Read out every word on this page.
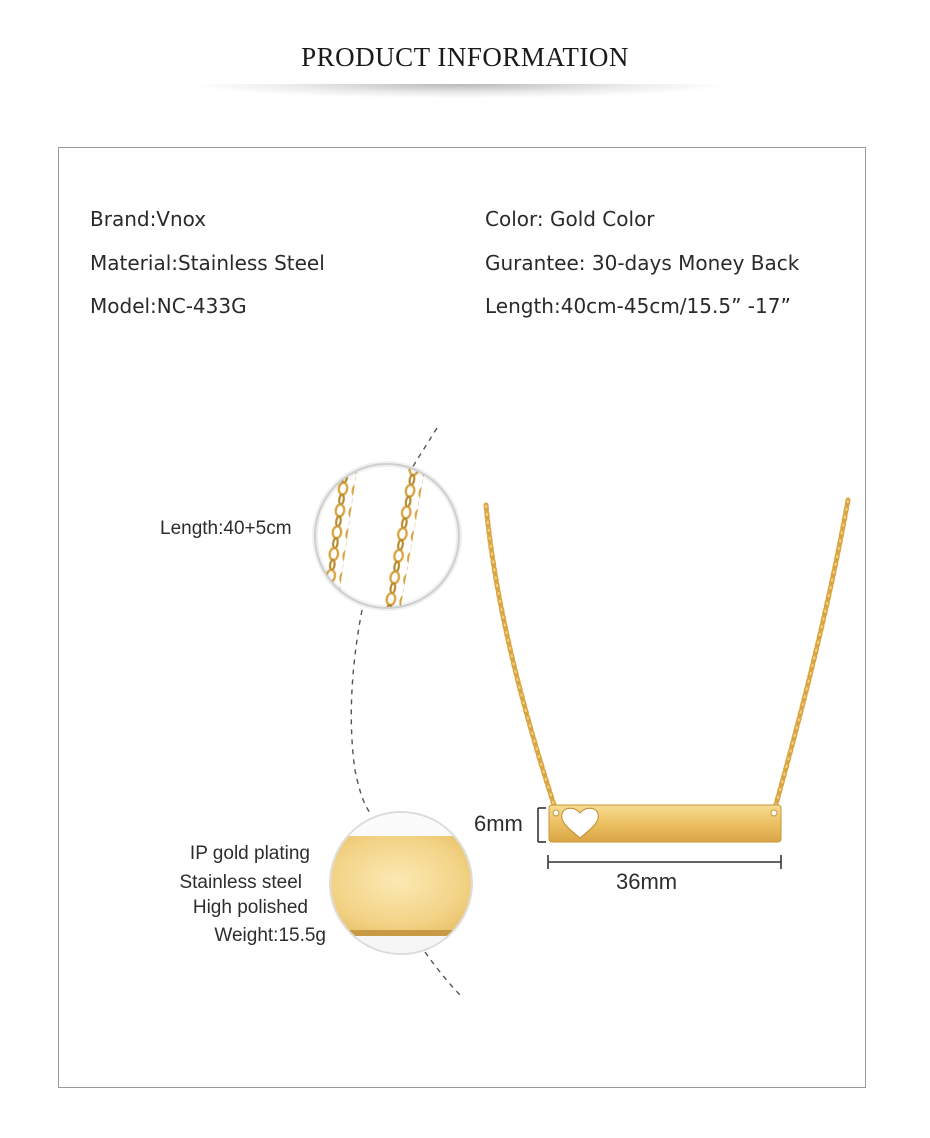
PRODUCT INFORMATION
Brand:Vnox
Material:Stainless Steel
Model:NC-433G
Color: Gold Color
Gurantee: 30-days Money Back
Length:40cm-45cm/15.5” -17”
Length:40+5cm
IP gold plating
Stainless steel
High polished
Weight:15.5g
6mm
36mm
